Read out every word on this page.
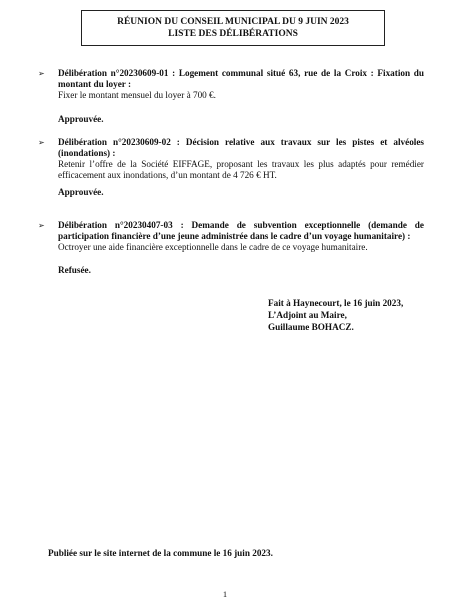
RÉUNION DU CONSEIL MUNICIPAL DU 9 JUIN 2023
LISTE DES DÉLIBÉRATIONS
➢ Délibération n°20230609-01 : Logement communal situé 63, rue de la Croix : Fixation du montant du loyer :
Fixer le montant mensuel du loyer à 700 €.
Approuvée.
➢ Délibération n°20230609-02 : Décision relative aux travaux sur les pistes et alvéoles (inondations) :
Retenir l’offre de la Société EIFFAGE, proposant les travaux les plus adaptés pour remédier efficacement aux inondations, d’un montant de 4 726 € HT.
Approuvée.
➢ Délibération n°20230407-03 : Demande de subvention exceptionnelle (demande de participation financière d’une jeune administrée dans le cadre d’un voyage humanitaire) :
Octroyer une aide financière exceptionnelle dans le cadre de ce voyage humanitaire.
Refusée.
Fait à Haynecourt, le 16 juin 2023,
L’Adjoint au Maire,
Guillaume BOHACZ.
Publiée sur le site internet de la commune le 16 juin 2023.
1
